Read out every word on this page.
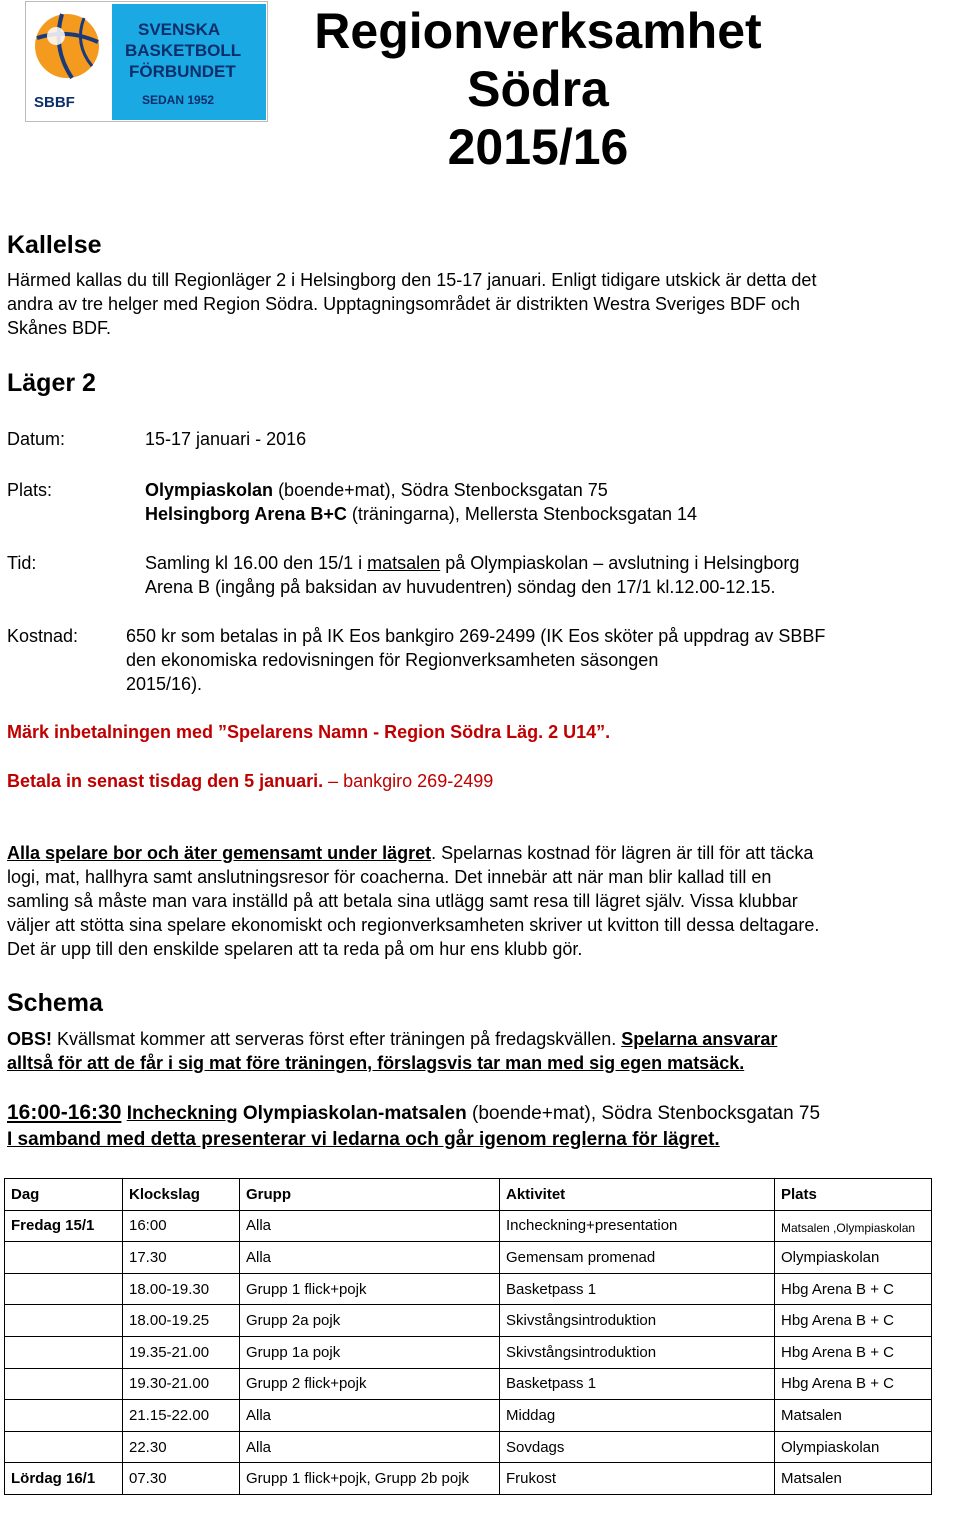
SBBF
SVENSKA
BASKETBOLL
FÖRBUNDET
SEDAN 1952
Regionverksamhet
Södra
2015/16
Kallelse
Härmed kallas du till Regionläger 2 i Helsingborg den 15-17 januari. Enligt tidigare utskick är detta det
andra av tre helger med Region Södra. Upptagningsområdet är distrikten Westra Sveriges BDF och
Skånes BDF.
Läger 2
Datum:	15-17 januari - 2016
Plats:	Olympiaskolan (boende+mat), Södra Stenbocksgatan 75
Helsingborg Arena B+C (träningarna), Mellersta Stenbocksgatan 14
Tid:	Samling kl 16.00 den 15/1 i matsalen på Olympiaskolan – avslutning i Helsingborg
Arena B (ingång på baksidan av huvudentren) söndag den 17/1 kl.12.00-12.15.
Kostnad:	650 kr som betalas in på IK Eos bankgiro 269-2499 (IK Eos sköter på uppdrag av SBBF
den ekonomiska redovisningen för Regionverksamheten säsongen
2015/16).
Märk inbetalningen med ”Spelarens Namn - Region Södra Läg. 2 U14”.
Betala in senast tisdag den 5 januari. – bankgiro 269-2499
Alla spelare bor och äter gemensamt under lägret. Spelarnas kostnad för lägren är till för att täcka
logi, mat, hallhyra samt anslutningsresor för coacherna. Det innebär att när man blir kallad till en
samling så måste man vara inställd på att betala sina utlägg samt resa till lägret själv. Vissa klubbar
väljer att stötta sina spelare ekonomiskt och regionverksamheten skriver ut kvitton till dessa deltagare.
Det är upp till den enskilde spelaren att ta reda på om hur ens klubb gör.
Schema
OBS! Kvällsmat kommer att serveras först efter träningen på fredagskvällen. Spelarna ansvarar
alltså för att de får i sig mat före träningen, förslagsvis tar man med sig egen matsäck.
16:00-16:30 Incheckning Olympiaskolan-matsalen (boende+mat), Södra Stenbocksgatan 75
I samband med detta presenterar vi ledarna och går igenom reglerna för lägret.
Dag	Klockslag	Grupp	Aktivitet	Plats
Fredag 15/1	16:00	Alla	Incheckning+presentation	Matsalen ,Olympiaskolan
	17.30	Alla	Gemensam promenad	Olympiaskolan
	18.00-19.30	Grupp 1 flick+pojk	Basketpass 1	Hbg Arena B + C
	18.00-19.25	Grupp 2a pojk	Skivstångsintroduktion	Hbg Arena B + C
	19.35-21.00	Grupp 1a pojk	Skivstångsintroduktion	Hbg Arena B + C
	19.30-21.00	Grupp 2 flick+pojk	Basketpass 1	Hbg Arena B + C
	21.15-22.00	Alla	Middag	Matsalen
	22.30	Alla	Sovdags	Olympiaskolan
Lördag 16/1	07.30	Grupp 1 flick+pojk, Grupp 2b pojk	Frukost	Matsalen
